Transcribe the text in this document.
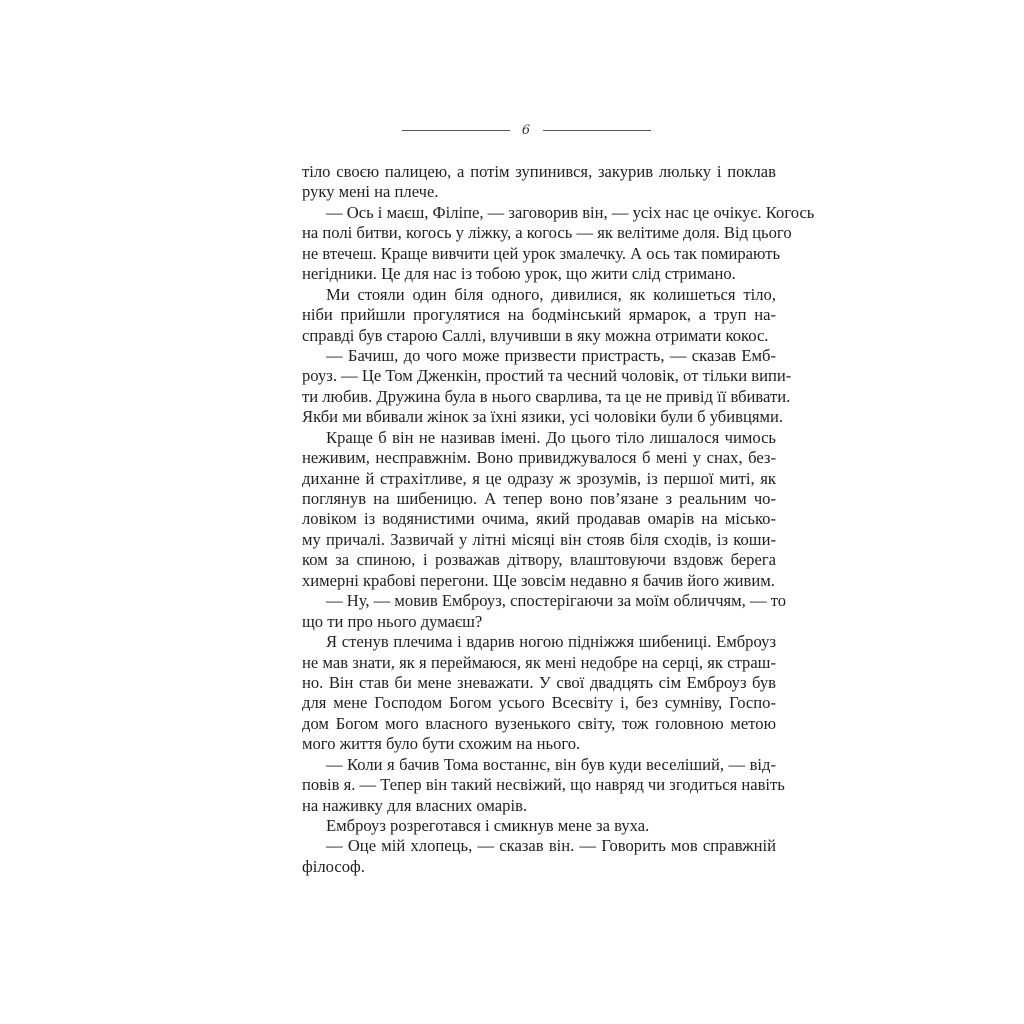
6
тіло своєю палицею, а потім зупинився, закурив люльку і поклав
руку мені на плече.
— Ось і маєш, Філіпе, — заговорив він, — усіх нас це очікує. Когось
на полі битви, когось у ліжку, а когось — як велітиме доля. Від цього
не втечеш. Краще вивчити цей урок змалечку. А ось так помирають
негідники. Це для нас із тобою урок, що жити слід стримано.
Ми стояли один біля одного, дивилися, як колишеться тіло,
ніби прийшли прогулятися на бодмінський ярмарок, а труп на-
справді був старою Саллі, влучивши в яку можна отримати кокос.
— Бачиш, до чого може призвести пристрасть, — сказав Емб-
роуз. — Це Том Дженкін, простий та чесний чоловік, от тільки випи-
ти любив. Дружина була в нього сварлива, та це не привід її вбивати.
Якби ми вбивали жінок за їхні язики, усі чоловіки були б убивцями.
Краще б він не називав імені. До цього тіло лишалося чимось
неживим, несправжнім. Воно привиджувалося б мені у снах, без-
диханне й страхітливе, я це одразу ж зрозумів, із першої миті, як
поглянув на шибеницю. А тепер воно пов’язане з реальним чо-
ловіком із водянистими очима, який продавав омарів на місько-
му причалі. Зазвичай у літні місяці він стояв біля сходів, із коши-
ком за спиною, і розважав дітвору, влаштовуючи вздовж берега
химерні крабові перегони. Ще зовсім недавно я бачив його живим.
— Ну, — мовив Емброуз, спостерігаючи за моїм обличчям, — то
що ти про нього думаєш?
Я стенув плечима і вдарив ногою підніжжя шибениці. Емброуз
не мав знати, як я переймаюся, як мені недобре на серці, як страш-
но. Він став би мене зневажати. У свої двадцять сім Емброуз був
для мене Господом Богом усього Всесвіту і, без сумніву, Госпо-
дом Богом мого власного вузенького світу, тож головною метою
мого життя було бути схожим на нього.
— Коли я бачив Тома востаннє, він був куди веселіший, — від-
повів я. — Тепер він такий несвіжий, що навряд чи згодиться навіть
на наживку для власних омарів.
Емброуз розреготався і смикнув мене за вуха.
— Оце мій хлопець, — сказав він. — Говорить мов справжній
філософ.
